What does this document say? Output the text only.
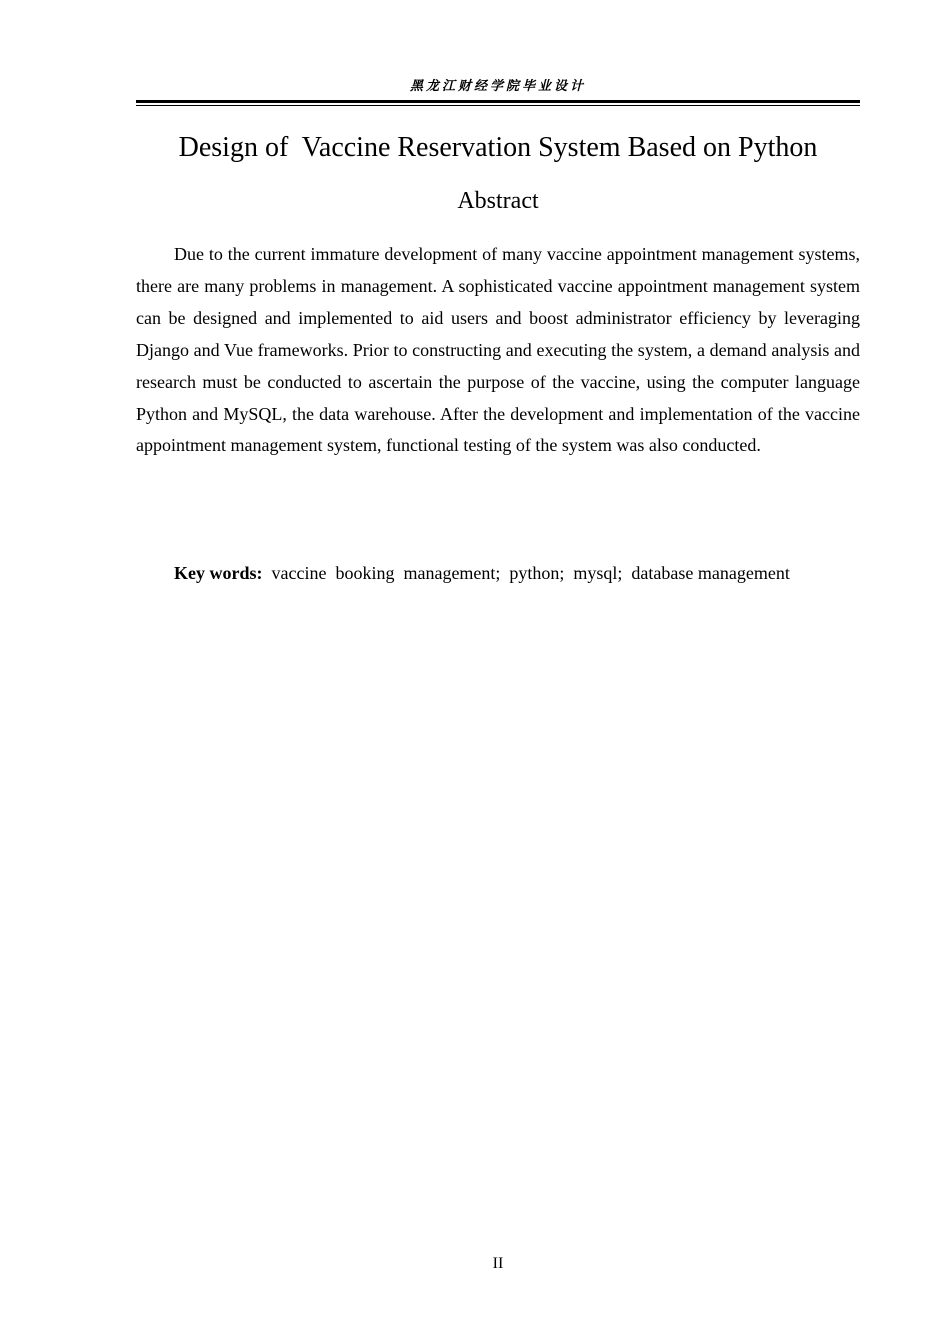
黑龙江财经学院毕业设计
Design of  Vaccine Reservation System Based on Python
Abstract

Due to the current immature development of many vaccine appointment management systems, there are many problems in management. A sophisticated vaccine appointment management system can be designed and implemented to aid users and boost administrator efficiency by leveraging Django and Vue frameworks. Prior to constructing and executing the system, a demand analysis and research must be conducted to ascertain the purpose of the vaccine, using the computer language Python and MySQL, the data warehouse. After the development and implementation of the vaccine appointment management system, functional testing of the system was also conducted.

Key words:  vaccine  booking  management;  python;  mysql;  database management
II
